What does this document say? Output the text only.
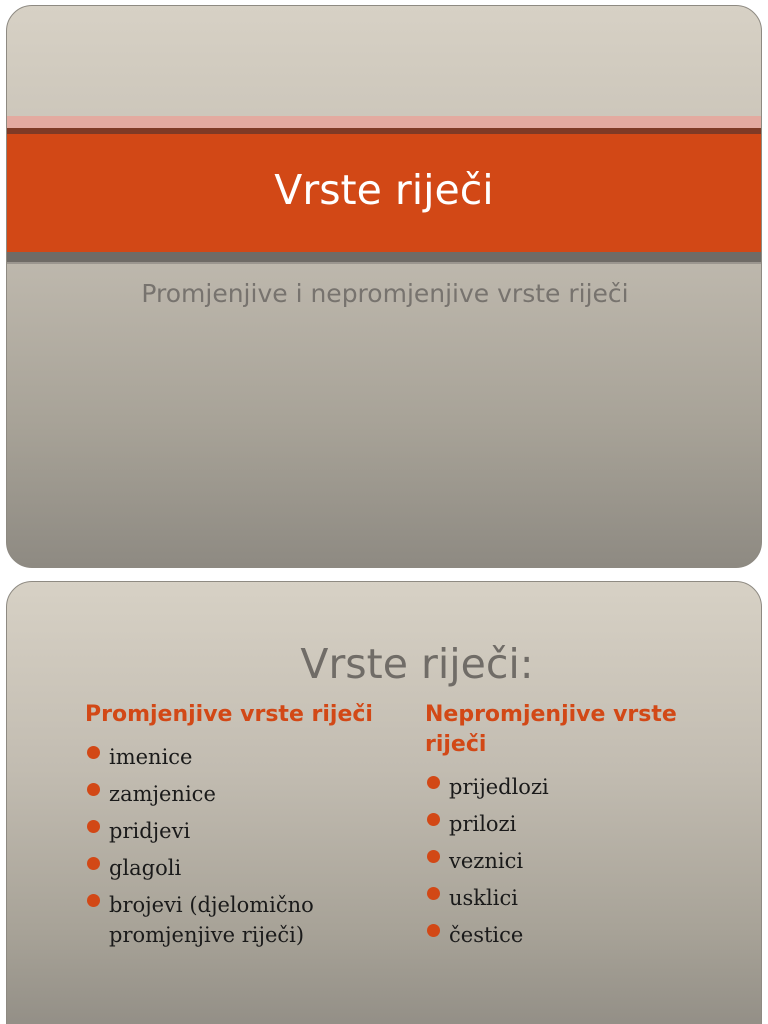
Vrste riječi
Promjenjive i nepromjenjive vrste riječi
Vrste riječi:
Promjenjive vrste riječi
imenice
zamjenice
pridjevi
glagoli
brojevi (djelomično promjenjive riječi)
Nepromjenjive vrste riječi
prijedlozi
prilozi
veznici
usklici
čestice
